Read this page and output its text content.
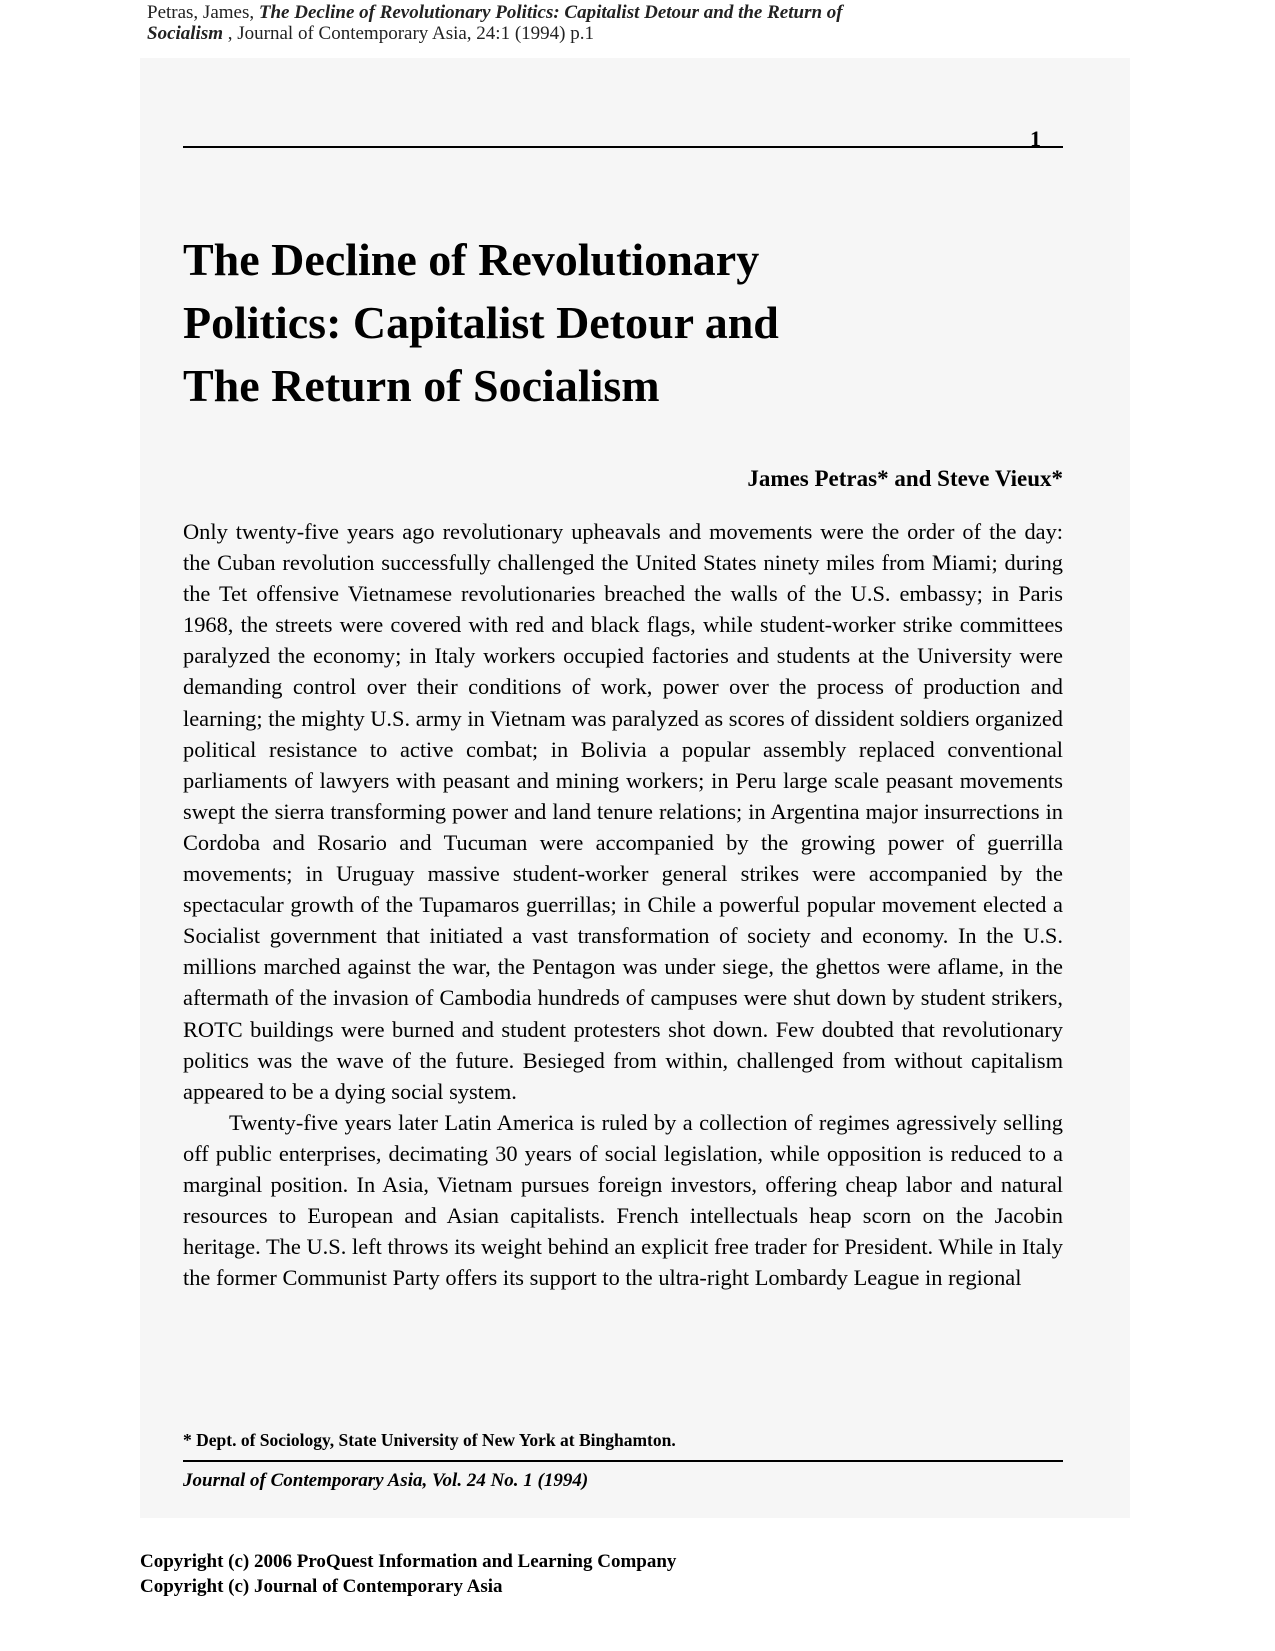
Petras, James, The Decline of Revolutionary Politics: Capitalist Detour and the Return of
Socialism , Journal of Contemporary Asia, 24:1 (1994) p.1
1
The Decline of Revolutionary
Politics: Capitalist Detour and
The Return of Socialism
James Petras* and Steve Vieux*

Only twenty-five years ago revolutionary upheavals and movements were the order of the day: the Cuban revolution successfully challenged the United States ninety miles from Miami; during the Tet offensive Vietnamese revolutionaries breached the walls of the U.S. embassy; in Paris 1968, the streets were covered with red and black flags, while student-worker strike committees paralyzed the economy; in Italy workers occupied factories and students at the University were demanding control over their conditions of work, power over the process of production and learning; the mighty U.S. army in Vietnam was paralyzed as scores of dissident soldiers organized political resistance to active combat; in Bolivia a popular assembly replaced conventional parliaments of lawyers with peasant and mining workers; in Peru large scale peasant movements swept the sierra transforming power and land tenure relations; in Argentina major insurrections in Cordoba and Rosario and Tucuman were accompanied by the growing power of guerrilla movements; in Uruguay massive student-worker general strikes were accompanied by the spectacular growth of the Tupamaros guerrillas; in Chile a powerful popular movement elected a Socialist government that initiated a vast transformation of society and economy. In the U.S. millions marched against the war, the Pentagon was under siege, the ghettos were aflame, in the aftermath of the invasion of Cambodia hundreds of campuses were shut down by student strikers, ROTC buildings were burned and student protesters shot down. Few doubted that revolutionary politics was the wave of the future. Besieged from within, challenged from without capitalism appeared to be a dying social system.

Twenty-five years later Latin America is ruled by a collection of regimes agressively selling off public enterprises, decimating 30 years of social legislation, while opposition is reduced to a marginal position. In Asia, Vietnam pursues foreign investors, offering cheap labor and natural resources to European and Asian capitalists. French intellectuals heap scorn on the Jacobin heritage. The U.S. left throws its weight behind an explicit free trader for President. While in Italy the former Communist Party offers its support to the ultra-right Lombardy League in regional

* Dept. of Sociology, State University of New York at Binghamton.
Journal of Contemporary Asia, Vol. 24 No. 1 (1994)
Copyright (c) 2006 ProQuest Information and Learning Company
Copyright (c) Journal of Contemporary Asia
